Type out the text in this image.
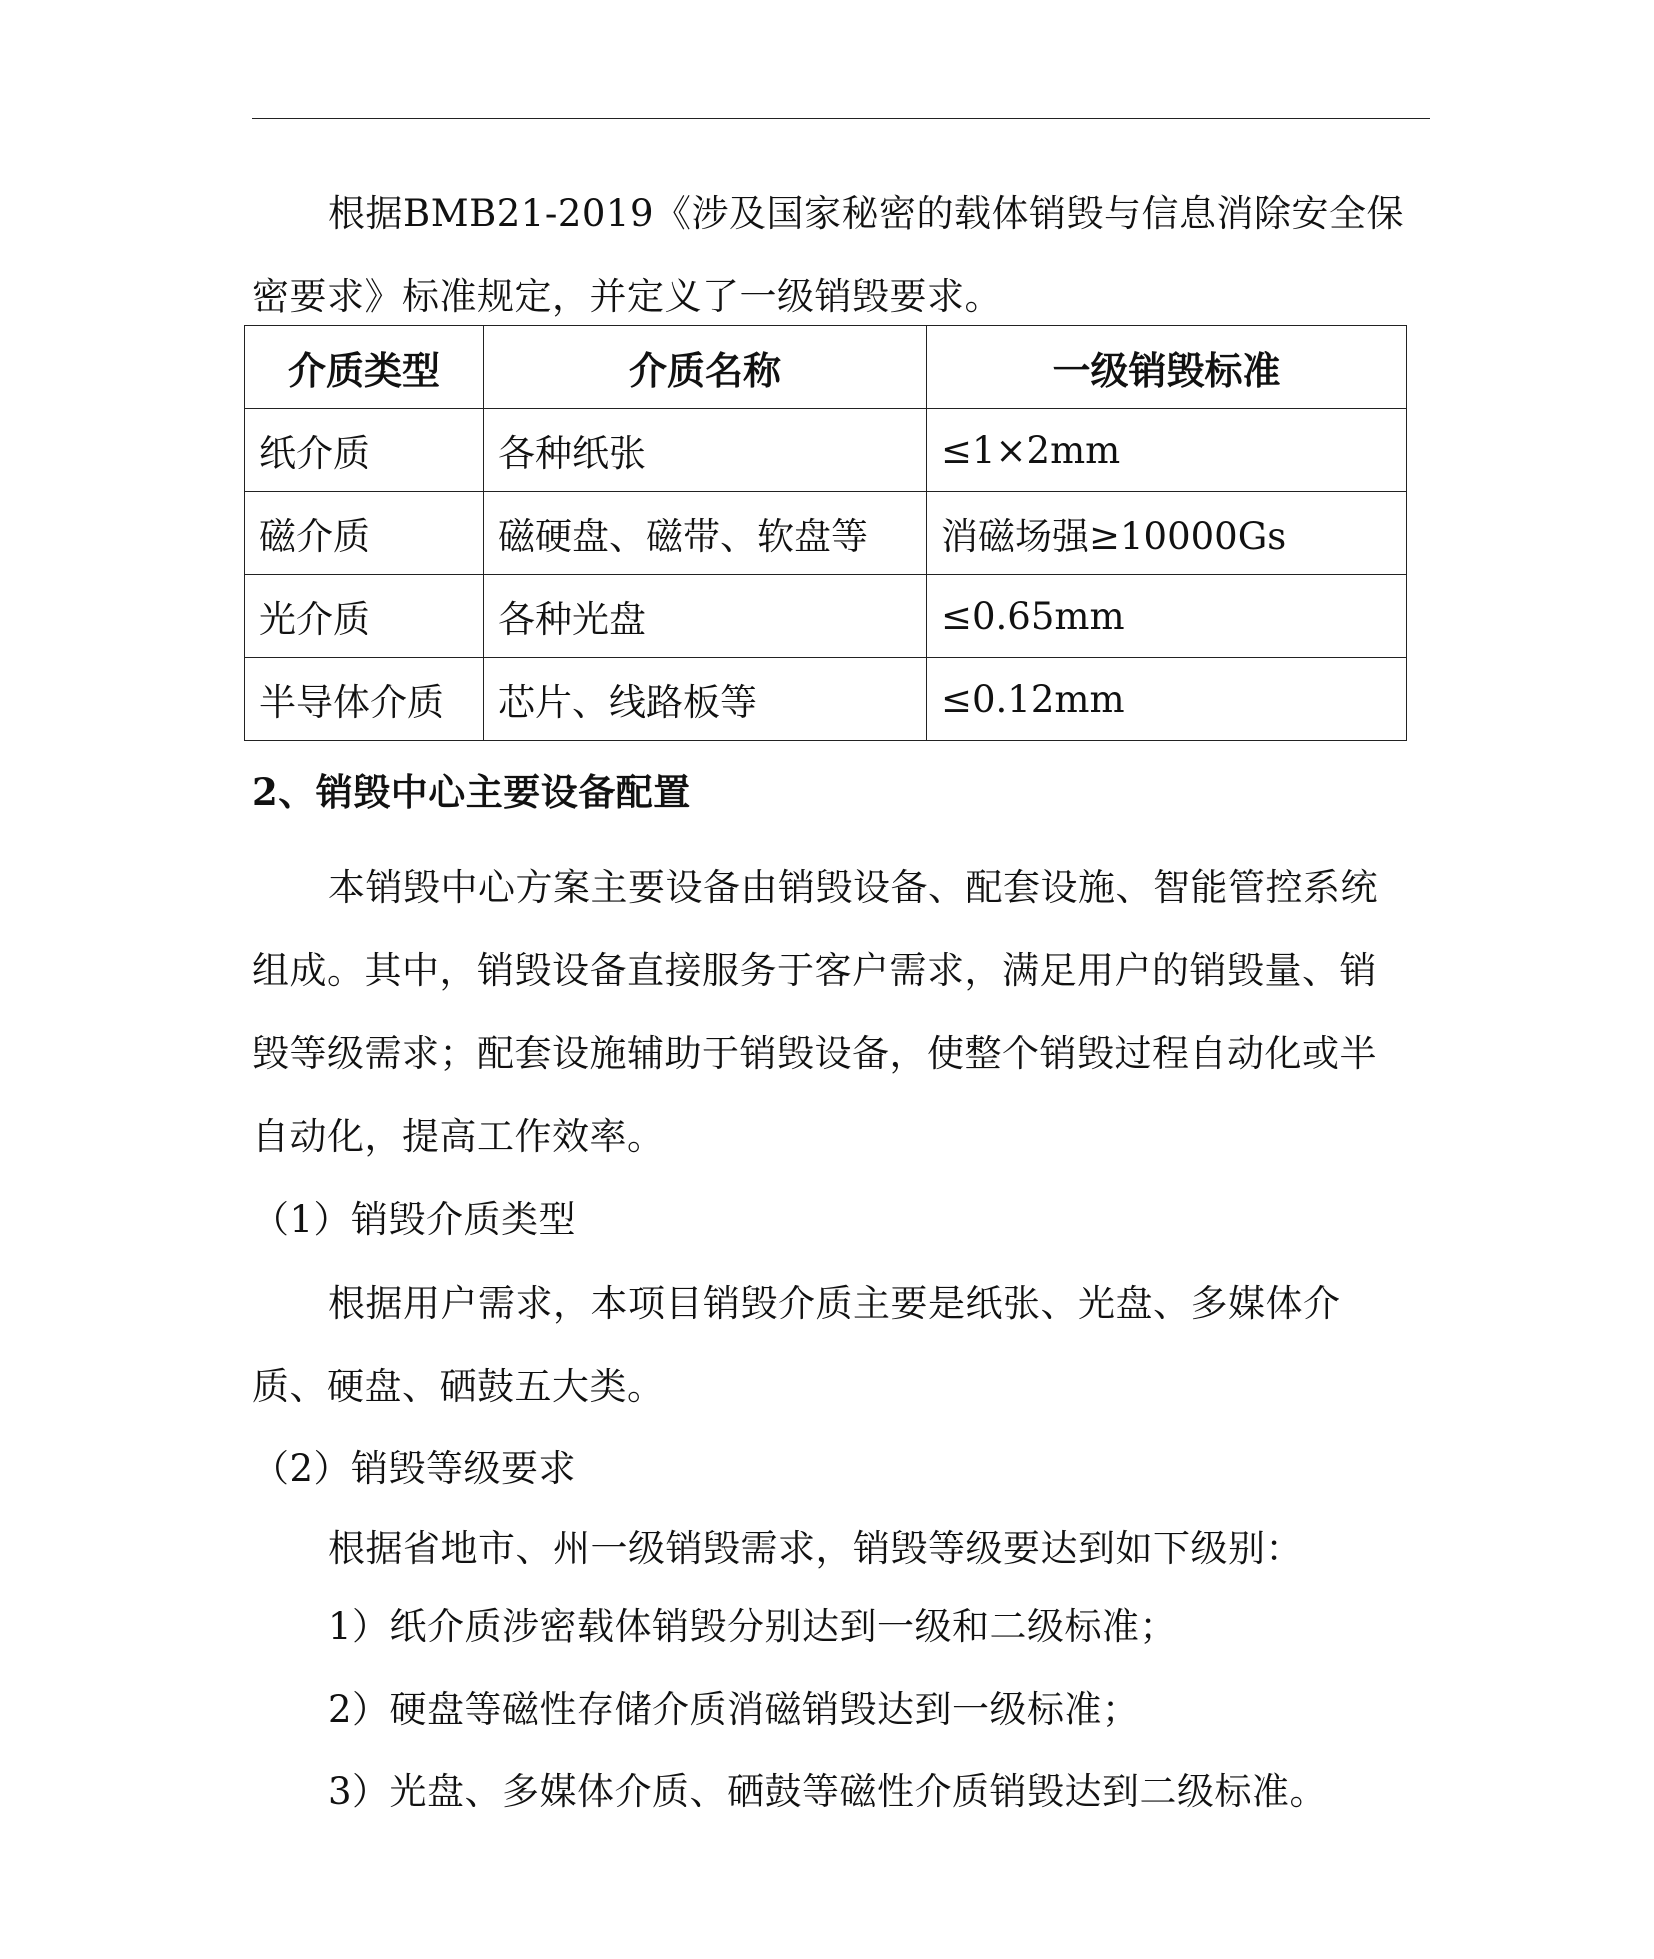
根据BMB21-2019《涉及国家秘密的载体销毁与信息消除安全保密要求》标准规定，并定义了一级销毁要求。

介质类型	介质名称	一级销毁标准
纸介质	各种纸张	≤1×2mm
磁介质	磁硬盘、磁带、软盘等	消磁场强≥10000Gs
光介质	各种光盘	≤0.65mm
半导体介质	芯片、线路板等	≤0.12mm

2、销毁中心主要设备配置

本销毁中心方案主要设备由销毁设备、配套设施、智能管控系统组成。其中，销毁设备直接服务于客户需求，满足用户的销毁量、销毁等级需求；配套设施辅助于销毁设备，使整个销毁过程自动化或半自动化，提高工作效率。

（1）销毁介质类型

根据用户需求，本项目销毁介质主要是纸张、光盘、多媒体介质、硬盘、硒鼓五大类。

（2）销毁等级要求

根据省地市、州一级销毁需求，销毁等级要达到如下级别：

1）纸介质涉密载体销毁分别达到一级和二级标准；

2）硬盘等磁性存储介质消磁销毁达到一级标准；

3）光盘、多媒体介质、硒鼓等磁性介质销毁达到二级标准。
